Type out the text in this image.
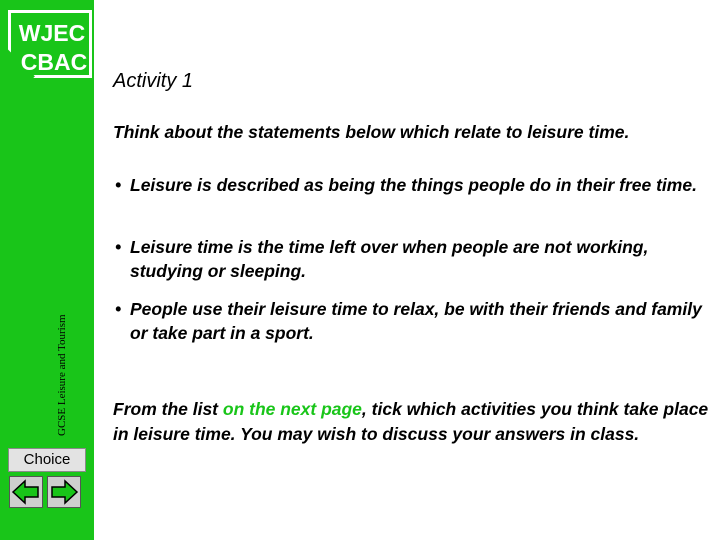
WJEC
CBAC
GCSE Leisure and Tourism
Choice
Activity 1
Think about the statements below which relate to leisure time.
• Leisure is described as being the things people do in their free time.
• Leisure time is the time left over when people are not working, studying or sleeping.
• People use their leisure time to relax, be with their friends and family or take part in a sport.
From the list on the next page, tick which activities you think take place in leisure time. You may wish to discuss your answers in class.
